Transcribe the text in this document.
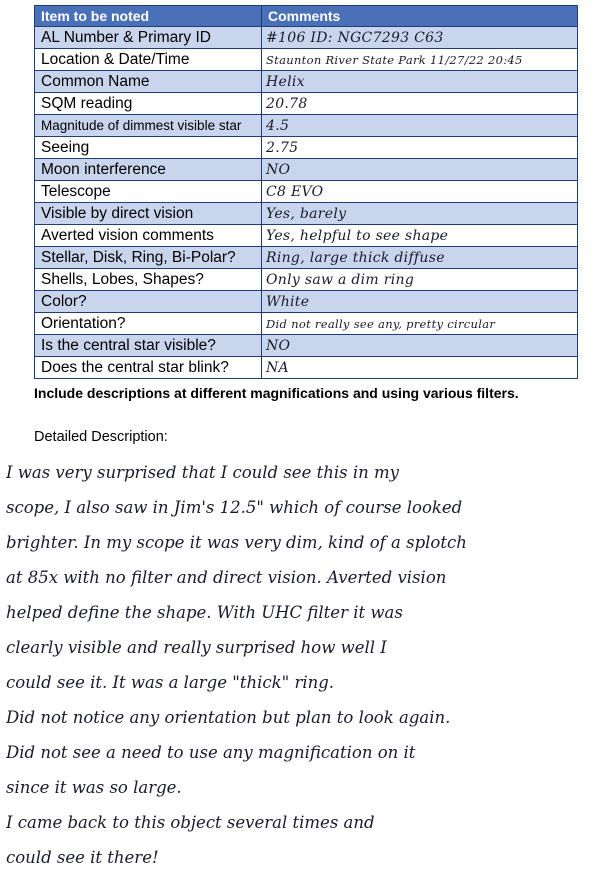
Item to be noted	Comments
AL Number & Primary ID	#106 ID: NGC7293 C63
Location & Date/Time	Staunton River State Park 11/27/22 20:45
Common Name	Helix
SQM reading	20.78
Magnitude of dimmest visible star	4.5
Seeing	2.75
Moon interference	NO
Telescope	C8 EVO
Visible by direct vision	Yes, barely
Averted vision comments	Yes, helpful to see shape
Stellar, Disk, Ring, Bi-Polar?	Ring, large thick diffuse
Shells, Lobes, Shapes?	Only saw a dim ring
Color?	White
Orientation?	Did not really see any, pretty circular
Is the central star visible?	NO
Does the central star blink?	NA
Include descriptions at different magnifications and using various filters.
Detailed Description:
I was very surprised that I could see this in my
scope, I also saw in Jim's 12.5" which of course looked
brighter. In my scope it was very dim, kind of a splotch
at 85x with no filter and direct vision. Averted vision
helped define the shape. With UHC filter it was
clearly visible and really surprised how well I
could see it. It was a large "thick" ring.
Did not notice any orientation but plan to look again.
Did not see a need to use any magnification on it
since it was so large.
I came back to this object several times and
could see it there!
